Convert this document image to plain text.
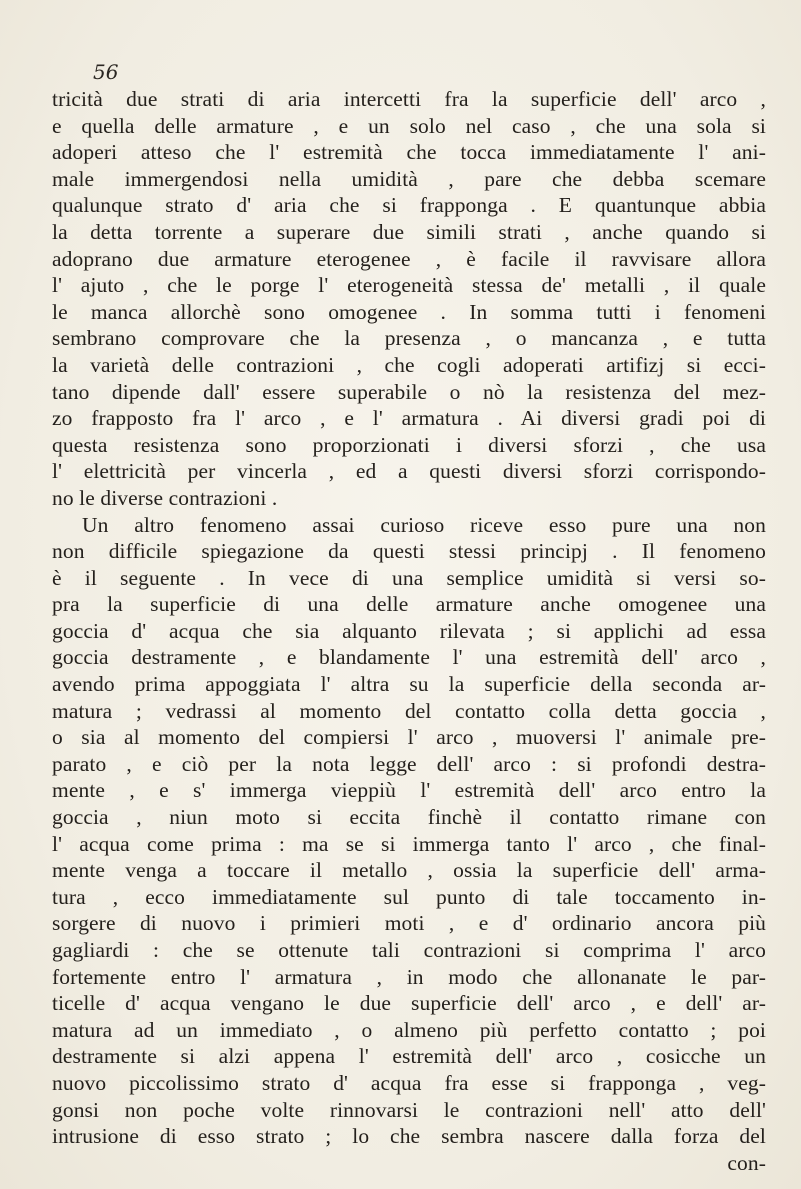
56
tricità due strati di aria intercetti fra la superficie dell' arco ,
e quella delle armature , e un solo nel caso , che una sola si
adoperi atteso che l' estremità che tocca immediatamente l' ani-
male immergendosi nella umidità , pare che debba scemare
qualunque strato d' aria che si frapponga . E quantunque abbia
la detta torrente a superare due simili strati , anche quando si
adoprano due armature eterogenee , è facile il ravvisare allora
l' ajuto , che le porge l' eterogeneità stessa de' metalli , il quale
le manca allorchè sono omogenee . In somma tutti i fenomeni
sembrano comprovare che la presenza , o mancanza , e tutta
la varietà delle contrazioni , che cogli adoperati artifizj si ecci-
tano dipende dall' essere superabile o nò la resistenza del mez-
zo frapposto fra l' arco , e l' armatura . Ai diversi gradi poi di
questa resistenza sono proporzionati i diversi sforzi , che usa
l' elettricità per vincerla , ed a questi diversi sforzi corrispondo-
no le diverse contrazioni .
Un altro fenomeno assai curioso riceve esso pure una non
non difficile spiegazione da questi stessi principj . Il fenomeno
è il seguente . In vece di una semplice umidità si versi so-
pra la superficie di una delle armature anche omogenee una
goccia d' acqua che sia alquanto rilevata ; si applichi ad essa
goccia destramente , e blandamente l' una estremità dell' arco ,
avendo prima appoggiata l' altra su la superficie della seconda ar-
matura ; vedrassi al momento del contatto colla detta goccia ,
o sia al momento del compiersi l' arco , muoversi l' animale pre-
parato , e ciò per la nota legge dell' arco : si profondi destra-
mente , e s' immerga vieppiù l' estremità dell' arco entro la
goccia , niun moto si eccita finchè il contatto rimane con
l' acqua come prima : ma se si immerga tanto l' arco , che final-
mente venga a toccare il metallo , ossia la superficie dell' arma-
tura , ecco immediatamente sul punto di tale toccamento in-
sorgere di nuovo i primieri moti , e d' ordinario ancora più
gagliardi : che se ottenute tali contrazioni si comprima l' arco
fortemente entro l' armatura , in modo che allonanate le par-
ticelle d' acqua vengano le due superficie dell' arco , e dell' ar-
matura ad un immediato , o almeno più perfetto contatto ; poi
destramente si alzi appena l' estremità dell' arco , cosicche un
nuovo piccolissimo strato d' acqua fra esse si frapponga , veg-
gonsi non poche volte rinnovarsi le contrazioni nell' atto dell'
intrusione di esso strato ; lo che sembra nascere dalla forza del
con-
